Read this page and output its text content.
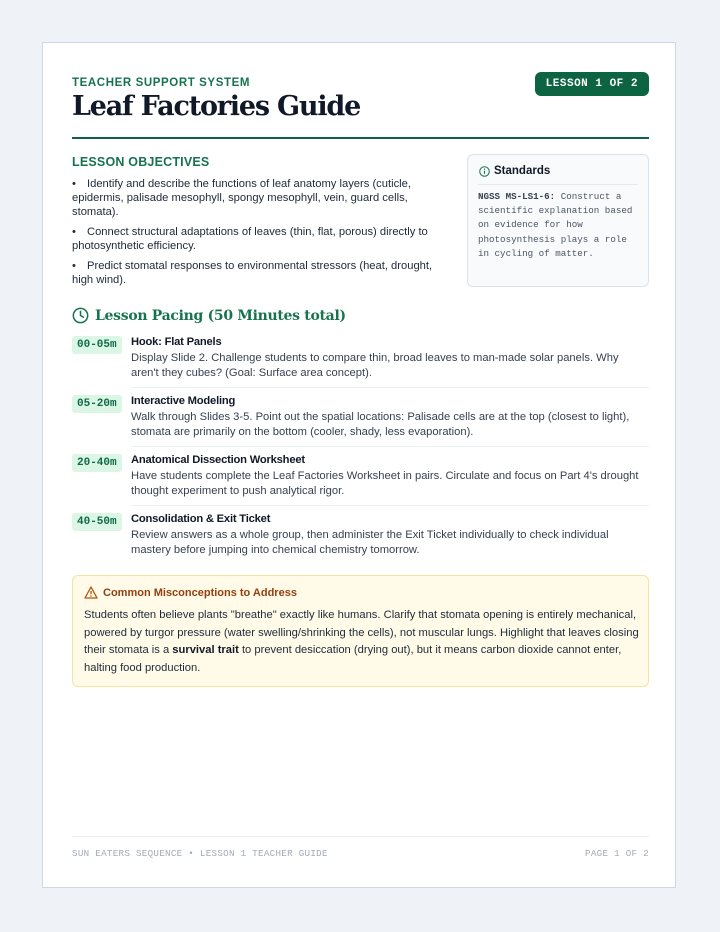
TEACHER SUPPORT SYSTEM	LESSON 1 OF 2
Leaf Factories Guide
LESSON OBJECTIVES
• Identify and describe the functions of leaf anatomy layers (cuticle, epidermis, palisade mesophyll, spongy mesophyll, vein, guard cells, stomata).
• Connect structural adaptations of leaves (thin, flat, porous) directly to photosynthetic efficiency.
• Predict stomatal responses to environmental stressors (heat, drought, high wind).
Standards
NGSS MS-LS1-6: Construct a scientific explanation based on evidence for how photosynthesis plays a role in cycling of matter.
Lesson Pacing (50 Minutes total)
00-05m	Hook: Flat Panels
Display Slide 2. Challenge students to compare thin, broad leaves to man-made solar panels. Why aren't they cubes? (Goal: Surface area concept).
05-20m	Interactive Modeling
Walk through Slides 3-5. Point out the spatial locations: Palisade cells are at the top (closest to light), stomata are primarily on the bottom (cooler, shady, less evaporation).
20-40m	Anatomical Dissection Worksheet
Have students complete the Leaf Factories Worksheet in pairs. Circulate and focus on Part 4's drought thought experiment to push analytical rigor.
40-50m	Consolidation & Exit Ticket
Review answers as a whole group, then administer the Exit Ticket individually to check individual mastery before jumping into chemical chemistry tomorrow.
Common Misconceptions to Address
Students often believe plants "breathe" exactly like humans. Clarify that stomata opening is entirely mechanical, powered by turgor pressure (water swelling/shrinking the cells), not muscular lungs. Highlight that leaves closing their stomata is a survival trait to prevent desiccation (drying out), but it means carbon dioxide cannot enter, halting food production.
SUN EATERS SEQUENCE • LESSON 1 TEACHER GUIDE	PAGE 1 OF 2
